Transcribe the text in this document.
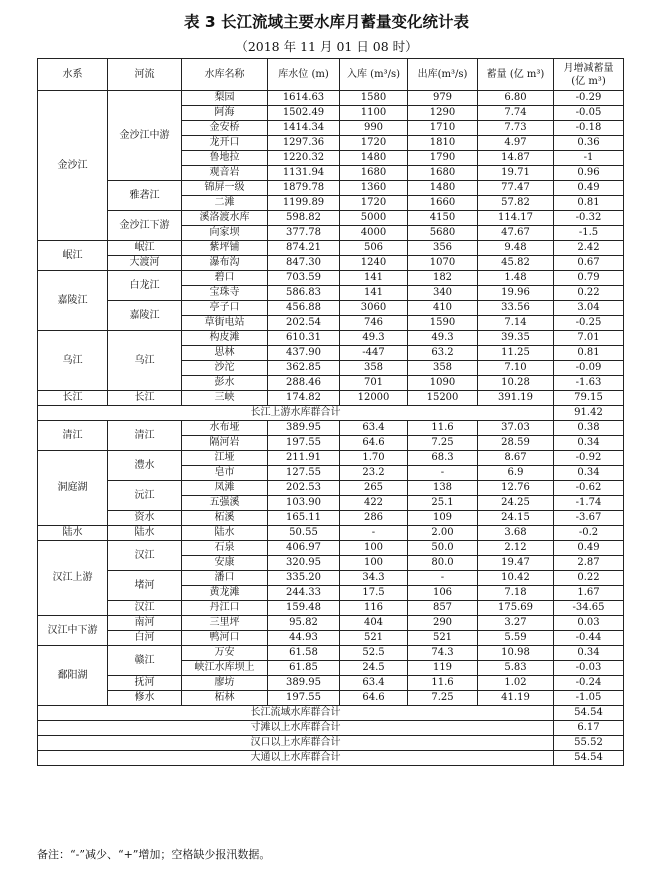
表 3 长江流域主要水库月蓄量变化统计表
（2018 年 11 月 01 日 08 时）
水系	河流	水库名称	库水位 (m)	入库 (m³/s)	出库(m³/s)	蓄量 (亿 m³)	月增减蓄量 (亿 m³)
金沙江	金沙江中游	梨园	1614.63	1580	979	6.80	-0.29
		阿海	1502.49	1100	1290	7.74	-0.05
		金安桥	1414.34	990	1710	7.73	-0.18
		龙开口	1297.36	1720	1810	4.97	0.36
		鲁地拉	1220.32	1480	1790	14.87	-1
		观音岩	1131.94	1680	1680	19.71	0.96
	雅砻江	锦屏一级	1879.78	1360	1480	77.47	0.49
		二滩	1199.89	1720	1660	57.82	0.81
	金沙江下游	溪洛渡水库	598.82	5000	4150	114.17	-0.32
		向家坝	377.78	4000	5680	47.67	-1.5
岷江	岷江	紫坪铺	874.21	506	356	9.48	2.42
	大渡河	瀑布沟	847.30	1240	1070	45.82	0.67
嘉陵江	白龙江	碧口	703.59	141	182	1.48	0.79
		宝珠寺	586.83	141	340	19.96	0.22
	嘉陵江	亭子口	456.88	3060	410	33.56	3.04
		草街电站	202.54	746	1590	7.14	-0.25
乌江	乌江	构皮滩	610.31	49.3	49.3	39.35	7.01
		思林	437.90	-447	63.2	11.25	0.81
		沙沱	362.85	358	358	7.10	-0.09
		彭水	288.46	701	1090	10.28	-1.63
长江	长江	三峡	174.82	12000	15200	391.19	79.15
长江上游水库群合计							91.42
清江	清江	水布垭	389.95	63.4	11.6	37.03	0.38
		隔河岩	197.55	64.6	7.25	28.59	0.34
洞庭湖	澧水	江垭	211.91	1.70	68.3	8.67	-0.92
		皂市	127.55	23.2	-	6.9	0.34
	沅江	凤滩	202.53	265	138	12.76	-0.62
		五强溪	103.90	422	25.1	24.25	-1.74
	资水	柘溪	165.11	286	109	24.15	-3.67
陆水	陆水	陆水	50.55	-	2.00	3.68	-0.2
汉江上游	汉江	石泉	406.97	100	50.0	2.12	0.49
		安康	320.95	100	80.0	19.47	2.87
	堵河	潘口	335.20	34.3	-	10.42	0.22
		黄龙滩	244.33	17.5	106	7.18	1.67
	汉江	丹江口	159.48	116	857	175.69	-34.65
汉江中下游	南河	三里坪	95.82	404	290	3.27	0.03
	白河	鸭河口	44.93	521	521	5.59	-0.44
鄱阳湖	赣江	万安	61.58	52.5	74.3	10.98	0.34
		峡江水库坝上	61.85	24.5	119	5.83	-0.03
	抚河	廖坊	389.95	63.4	11.6	1.02	-0.24
	修水	柘林	197.55	64.6	7.25	41.19	-1.05
长江流域水库群合计							54.54
寸滩以上水库群合计							6.17
汉口以上水库群合计							55.52
大通以上水库群合计							54.54
备注：“-”减少、“+”增加；空格缺少报汛数据。
